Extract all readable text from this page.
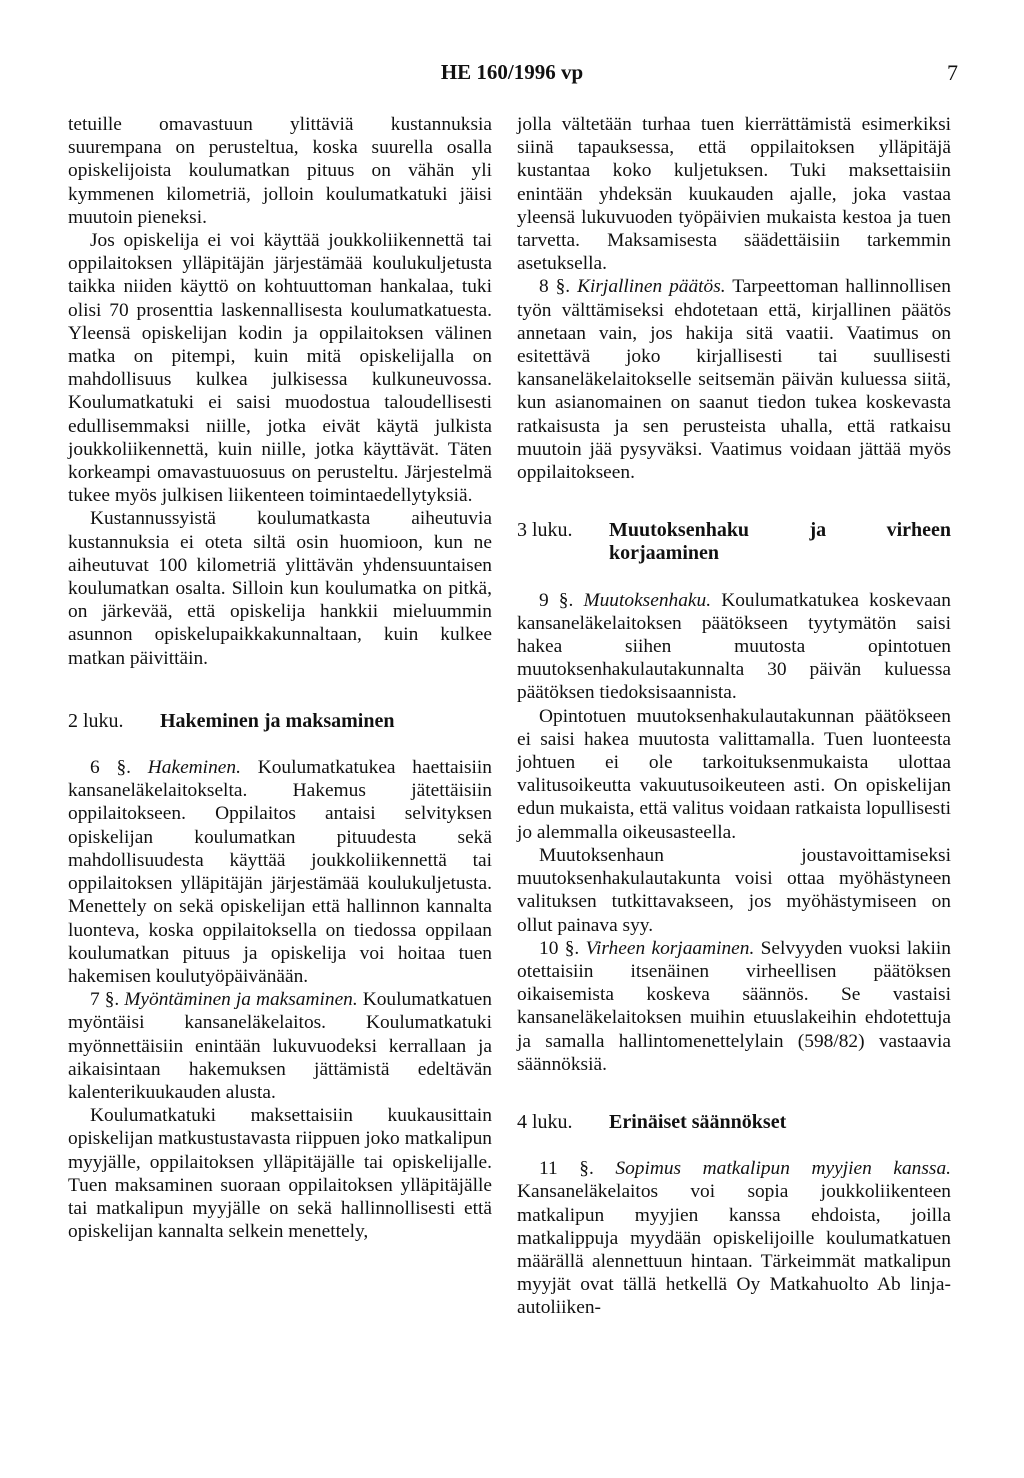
HE 160/1996 vp	7

tetuille omavastuun ylittäviä kustannuksia suurempana on perusteltua, koska suurella osalla opiskelijoista koulumatkan pituus on vähän yli kymmenen kilometriä, jolloin koulumatkatuki jäisi muutoin pieneksi.

Jos opiskelija ei voi käyttää joukkoliikennettä tai oppilaitoksen ylläpitäjän järjestämää koulukuljetusta taikka niiden käyttö on kohtuuttoman hankalaa, tuki olisi 70 prosenttia laskennallisesta koulumatkatuesta. Yleensä opiskelijan kodin ja oppilaitoksen välinen matka on pitempi, kuin mitä opiskelijalla on mahdollisuus kulkea julkisessa kulkuneuvossa. Koulumatkatuki ei saisi muodostua taloudellisesti edullisemmaksi niille, jotka eivät käytä julkista joukkoliikennettä, kuin niille, jotka käyttävät. Täten korkeampi omavastuuosuus on perusteltu. Järjestelmä tukee myös julkisen liikenteen toimintaedellytyksiä.

Kustannussyistä koulumatkasta aiheutuvia kustannuksia ei oteta siltä osin huomioon, kun ne aiheutuvat 100 kilometriä ylittävän yhdensuuntaisen koulumatkan osalta. Silloin kun koulumatka on pitkä, on järkevää, että opiskelija hankkii mieluummin asunnon opiskelupaikkakunnaltaan, kuin kulkee matkan päivittäin.

2 luku.	Hakeminen ja maksaminen

6 §. Hakeminen. Koulumatkatukea haettaisiin kansaneläkelaitokselta. Hakemus jätettäisiin oppilaitokseen. Oppilaitos antaisi selvityksen opiskelijan koulumatkan pituudesta sekä mahdollisuudesta käyttää joukkoliikennettä tai oppilaitoksen ylläpitäjän järjestämää koulukuljetusta. Menettely on sekä opiskelijan että hallinnon kannalta luonteva, koska oppilaitoksella on tiedossa oppilaan koulumatkan pituus ja opiskelija voi hoitaa tuen hakemisen koulutyöpäivänään.

7 §. Myöntäminen ja maksaminen. Koulumatkatuen myöntäisi kansaneläkelaitos. Koulumatkatuki myönnettäisiin enintään lukuvuodeksi kerrallaan ja aikaisintaan hakemuksen jättämistä edeltävän kalenterikuukauden alusta.

Koulumatkatuki maksettaisiin kuukausittain opiskelijan matkustustavasta riippuen joko matkalipun myyjälle, oppilaitoksen ylläpitäjälle tai opiskelijalle. Tuen maksaminen suoraan oppilaitoksen ylläpitäjälle tai matkalipun myyjälle on sekä hallinnollisesti että opiskelijan kannalta selkein menettely,

jolla vältetään turhaa tuen kierrättämistä esimerkiksi siinä tapauksessa, että oppilaitoksen ylläpitäjä kustantaa koko kuljetuksen. Tuki maksettaisiin enintään yhdeksän kuukauden ajalle, joka vastaa yleensä lukuvuoden työpäivien mukaista kestoa ja tuen tarvetta. Maksamisesta säädettäisiin tarkemmin asetuksella.

8 §. Kirjallinen päätös. Tarpeettoman hallinnollisen työn välttämiseksi ehdotetaan että, kirjallinen päätös annetaan vain, jos hakija sitä vaatii. Vaatimus on esitettävä joko kirjallisesti tai suullisesti kansaneläkelaitokselle seitsemän päivän kuluessa siitä, kun asianomainen on saanut tiedon tukea koskevasta ratkaisusta ja sen perusteista uhalla, että ratkaisu muutoin jää pysyväksi. Vaatimus voidaan jättää myös oppilaitokseen.

3 luku.	Muutoksenhaku ja virheen korjaaminen

9 §. Muutoksenhaku. Koulumatkatukea koskevaan kansaneläkelaitoksen päätökseen tyytymätön saisi hakea siihen muutosta opintotuen muutoksenhakulautakunnalta 30 päivän kuluessa päätöksen tiedoksisaannista.

Opintotuen muutoksenhakulautakunnan päätökseen ei saisi hakea muutosta valittamalla. Tuen luonteesta johtuen ei ole tarkoituksenmukaista ulottaa valitusoikeutta vakuutusoikeuteen asti. On opiskelijan edun mukaista, että valitus voidaan ratkaista lopullisesti jo alemmalla oikeusasteella.

Muutoksenhaun joustavoittamiseksi muutoksenhakulautakunta voisi ottaa myöhästyneen valituksen tutkittavakseen, jos myöhästymiseen on ollut painava syy.

10 §. Virheen korjaaminen. Selvyyden vuoksi lakiin otettaisiin itsenäinen virheellisen päätöksen oikaisemista koskeva säännös. Se vastaisi kansaneläkelaitoksen muihin etuuslakeihin ehdotettuja ja samalla hallintomenettelylain (598/82) vastaavia säännöksiä.

4 luku.	Erinäiset säännökset

11 §. Sopimus matkalipun myyjien kanssa. Kansaneläkelaitos voi sopia joukkoliikenteen matkalipun myyjien kanssa ehdoista, joilla matkalippuja myydään opiskelijoille koulumatkatuen määrällä alennettuun hintaan. Tärkeimmät matkalipun myyjät ovat tällä hetkellä Oy Matkahuolto Ab linja-autoliiken-
